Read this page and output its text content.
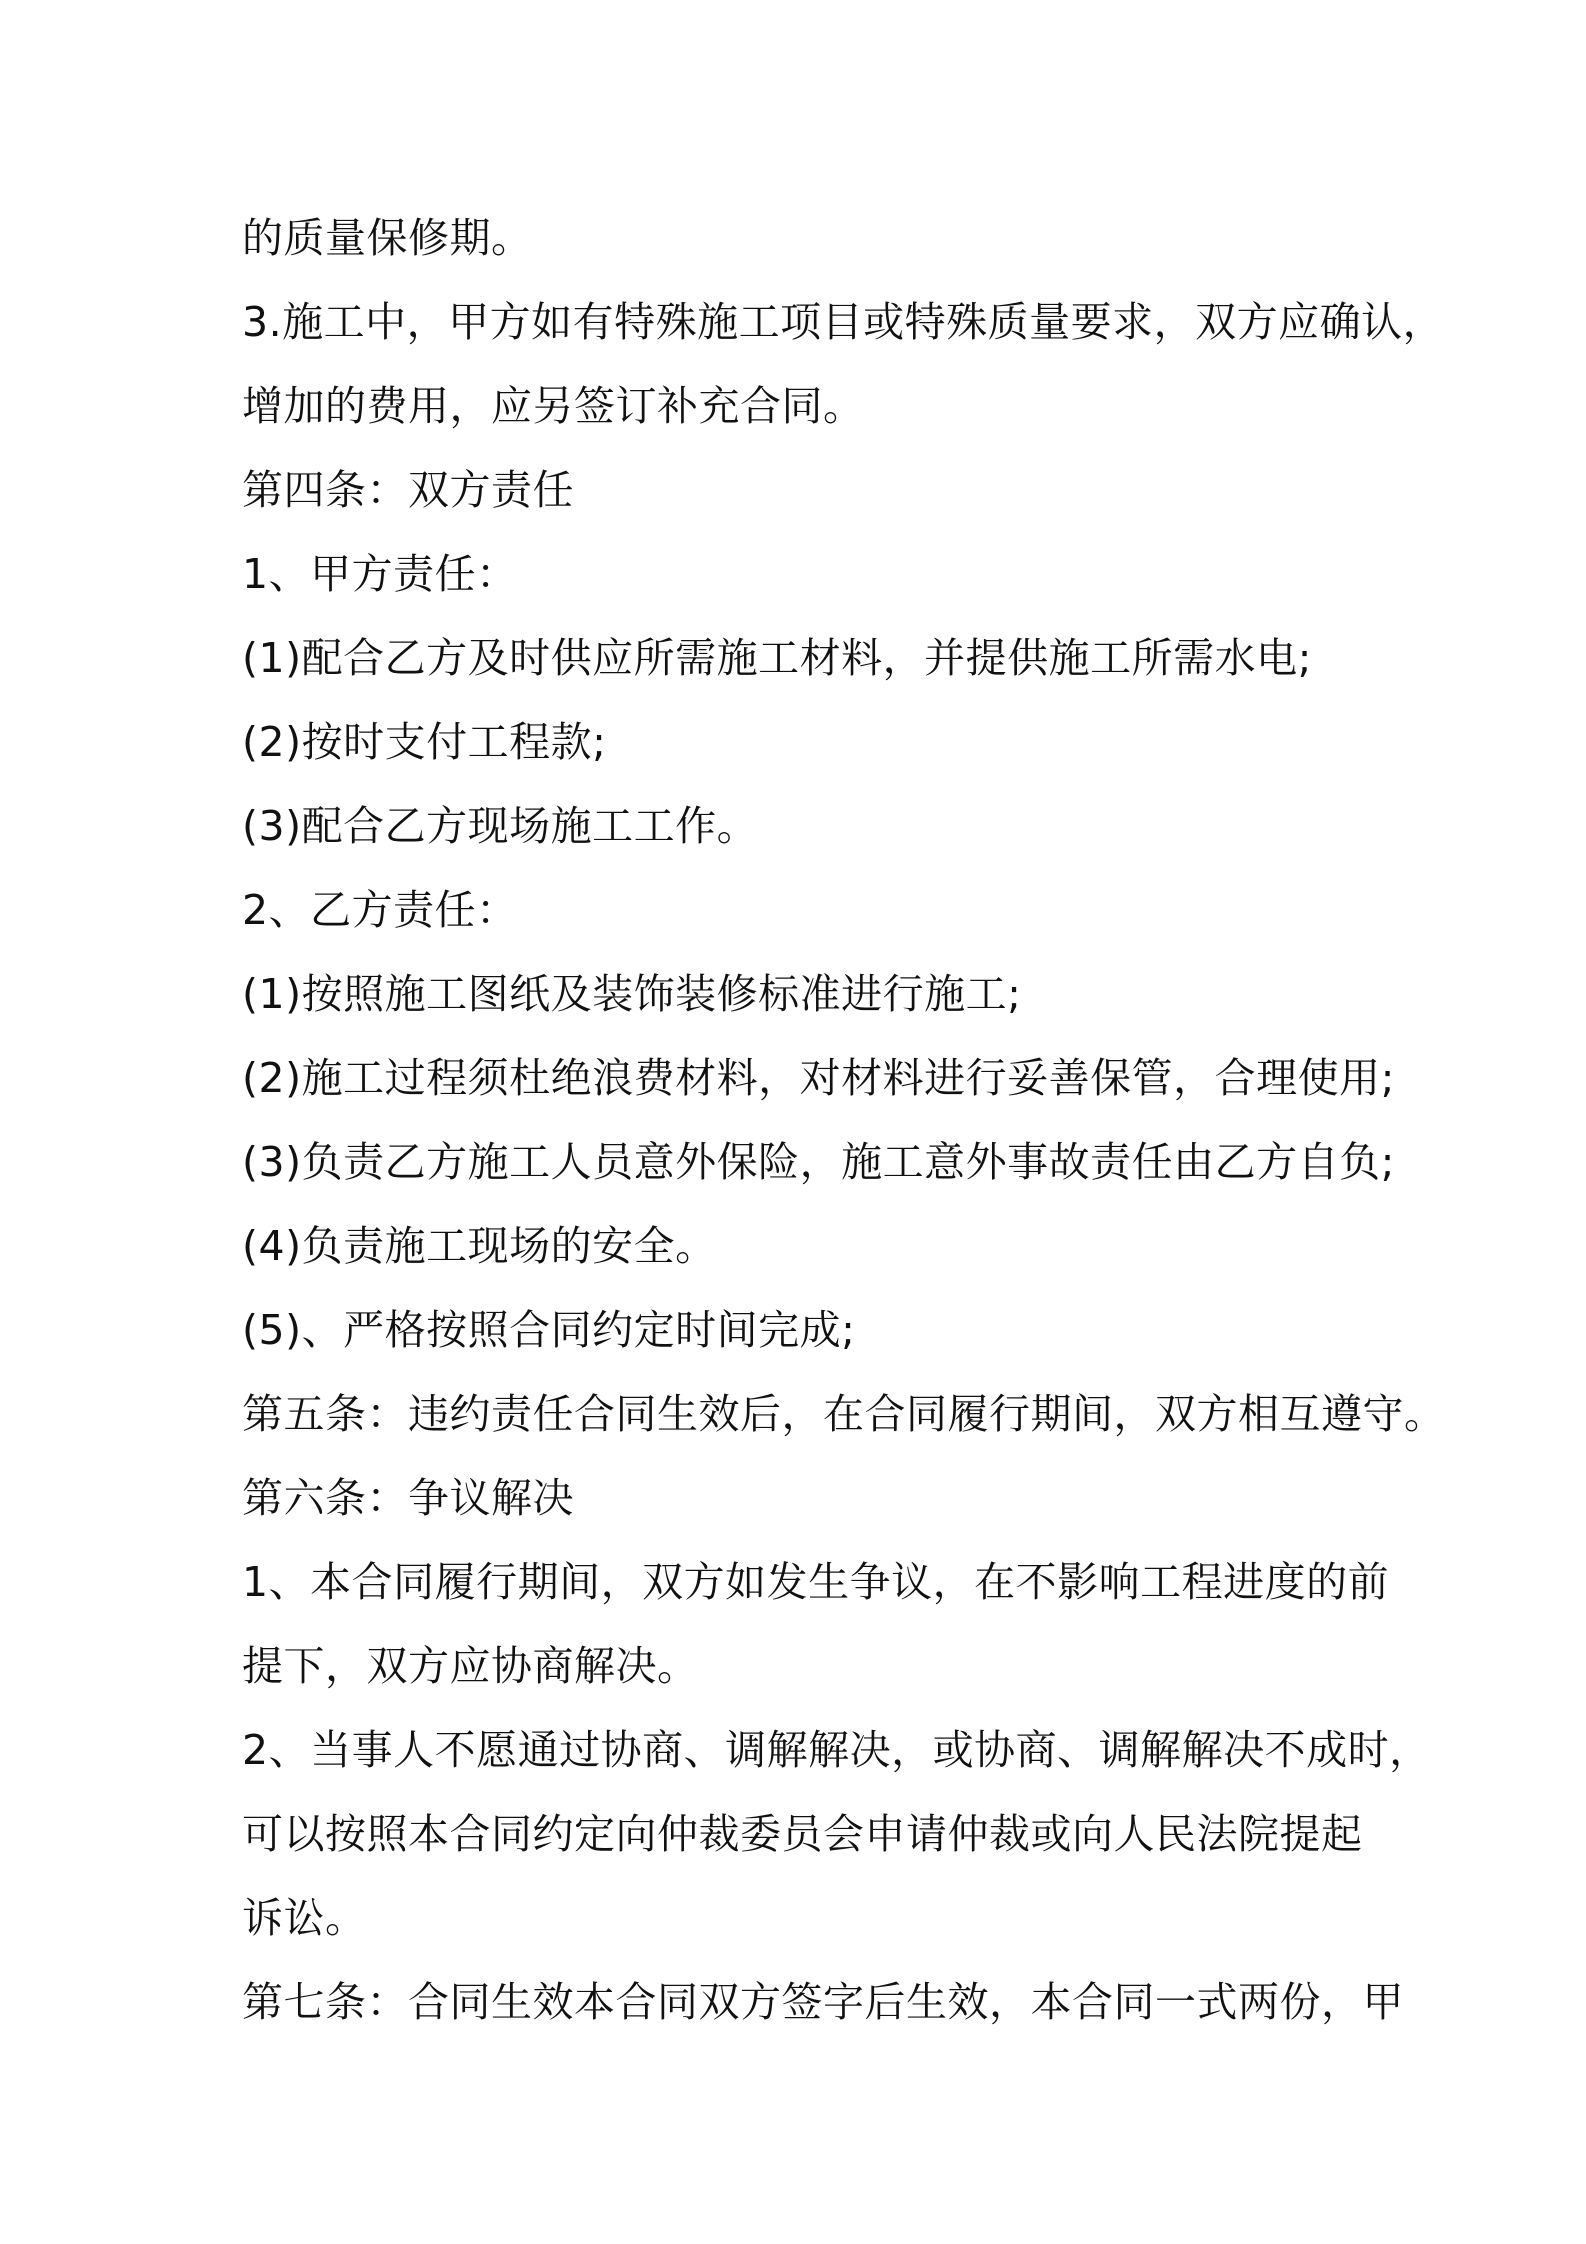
的质量保修期。
3.施工中，甲方如有特殊施工项目或特殊质量要求，双方应确认，
增加的费用，应另签订补充合同。
第四条：双方责任
1、甲方责任：
(1)配合乙方及时供应所需施工材料，并提供施工所需水电;
(2)按时支付工程款;
(3)配合乙方现场施工工作。
2、乙方责任：
(1)按照施工图纸及装饰装修标准进行施工;
(2)施工过程须杜绝浪费材料，对材料进行妥善保管，合理使用;
(3)负责乙方施工人员意外保险，施工意外事故责任由乙方自负;
(4)负责施工现场的安全。
(5)、严格按照合同约定时间完成;
第五条：违约责任合同生效后，在合同履行期间，双方相互遵守。
第六条：争议解决
1、本合同履行期间，双方如发生争议，在不影响工程进度的前
提下，双方应协商解决。
2、当事人不愿通过协商、调解解决，或协商、调解解决不成时，
可以按照本合同约定向仲裁委员会申请仲裁或向人民法院提起
诉讼。
第七条：合同生效本合同双方签字后生效，本合同一式两份，甲
